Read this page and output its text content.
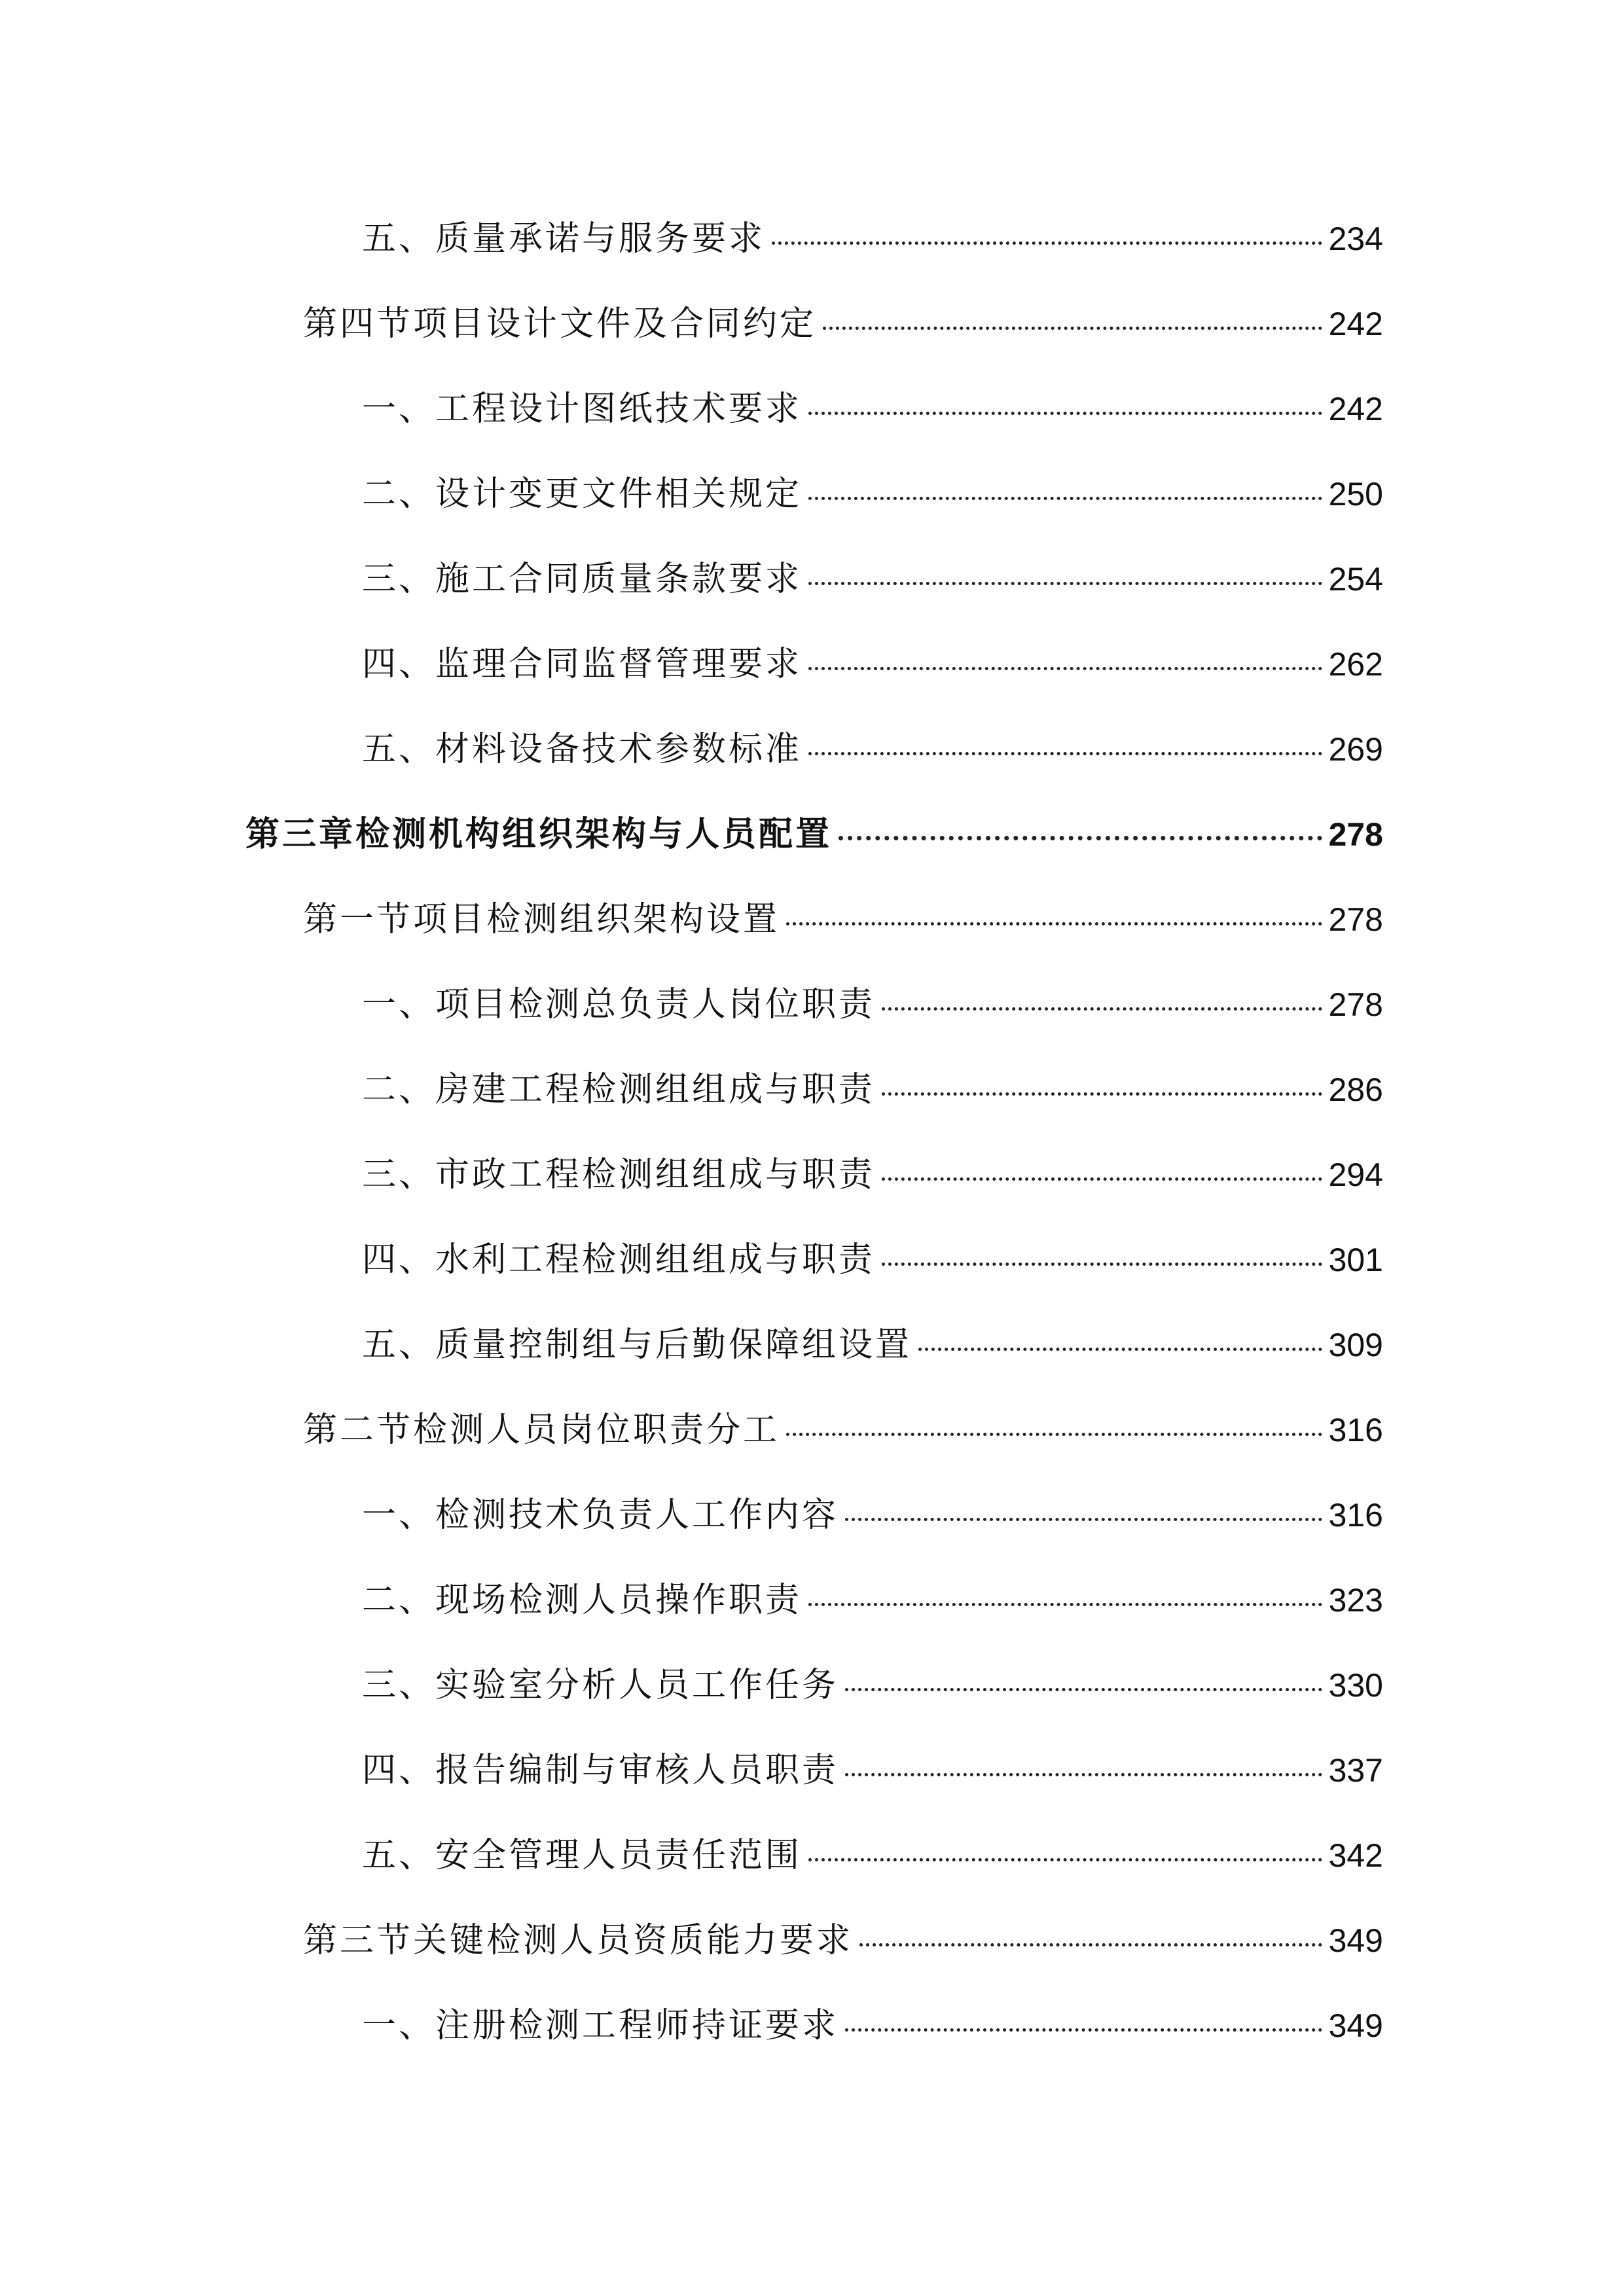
五、质量承诺与服务要求	234
第四节项目设计文件及合同约定	242
一、工程设计图纸技术要求	242
二、设计变更文件相关规定	250
三、施工合同质量条款要求	254
四、监理合同监督管理要求	262
五、材料设备技术参数标准	269
第三章检测机构组织架构与人员配置	278
第一节项目检测组织架构设置	278
一、项目检测总负责人岗位职责	278
二、房建工程检测组组成与职责	286
三、市政工程检测组组成与职责	294
四、水利工程检测组组成与职责	301
五、质量控制组与后勤保障组设置	309
第二节检测人员岗位职责分工	316
一、检测技术负责人工作内容	316
二、现场检测人员操作职责	323
三、实验室分析人员工作任务	330
四、报告编制与审核人员职责	337
五、安全管理人员责任范围	342
第三节关键检测人员资质能力要求	349
一、注册检测工程师持证要求	349
